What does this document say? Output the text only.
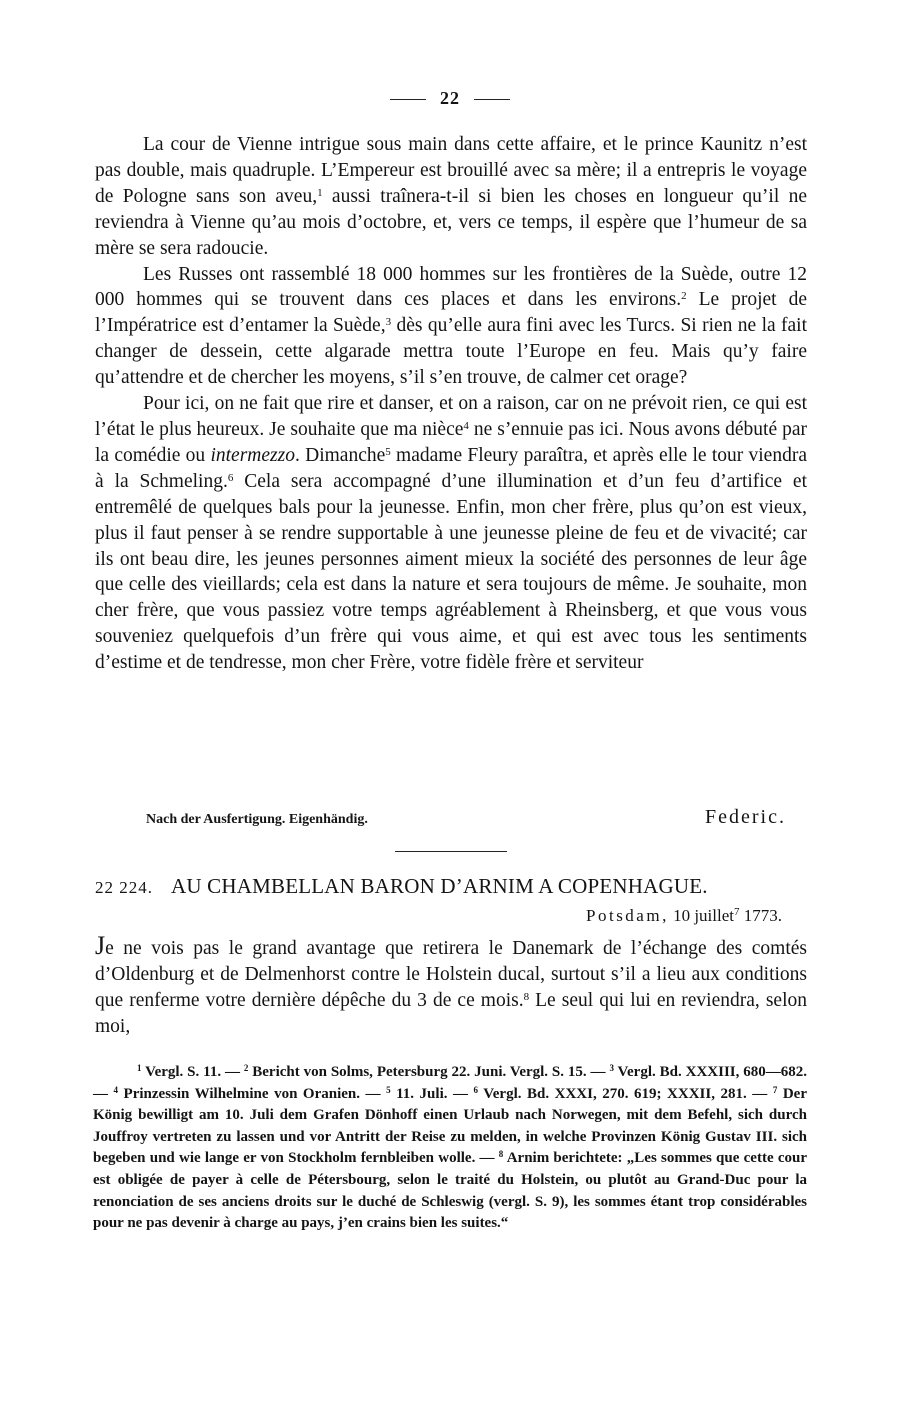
22

La cour de Vienne intrigue sous main dans cette affaire, et le prince Kaunitz n’est pas double, mais quadruple. L’Empereur est brouillé avec sa mère; il a entrepris le voyage de Pologne sans son aveu,$^1$ aussi traînera-t-il si bien les choses en longueur qu’il ne reviendra à Vienne qu’au mois d’octobre, et, vers ce temps, il espère que l’humeur de sa mère se sera radoucie.

Les Russes ont rassemblé 18 000 hommes sur les frontières de la Suède, outre 12 000 hommes qui se trouvent dans ces places et dans les environs.$^2$ Le projet de l’Impératrice est d’entamer la Suède,$^3$ dès qu’elle aura fini avec les Turcs. Si rien ne la fait changer de dessein, cette algarade mettra toute l’Europe en feu. Mais qu’y faire qu’attendre et de chercher les moyens, s’il s’en trouve, de calmer cet orage?

Pour ici, on ne fait que rire et danser, et on a raison, car on ne prévoit rien, ce qui est l’état le plus heureux. Je souhaite que ma nièce$^4$ ne s’ennuie pas ici. Nous avons débuté par la comédie ou intermezzo. Dimanche$^5$ madame Fleury paraîtra, et après elle le tour viendra à la Schmeling.$^6$ Cela sera accompagné d’une illumination et d’un feu d’artifice et entremêlé de quelques bals pour la jeunesse. Enfin, mon cher frère, plus qu’on est vieux, plus il faut penser à se rendre supportable à une jeunesse pleine de feu et de vivacité; car ils ont beau dire, les jeunes personnes aiment mieux la société des personnes de leur âge que celle des vieillards; cela est dans la nature et sera toujours de même. Je souhaite, mon cher frère, que vous passiez votre temps agréablement à Rheinsberg, et que vous vous souveniez quelquefois d’un frère qui vous aime, et qui est avec tous les sentiments d’estime et de tendresse, mon cher Frère, votre fidèle frère et serviteur

Nach der Ausfertigung. Eigenhändig.	Federic.
22 224. AU CHAMBELLAN BARON D’ARNIM A COPENHAGUE.
Potsdam, 10 juillet$^7$ 1773.

Je ne vois pas le grand avantage que retirera le Danemark de l’échange des comtés d’Oldenburg et de Delmenhorst contre le Holstein ducal, surtout s’il a lieu aux conditions que renferme votre dernière dépêche du 3 de ce mois.$^8$ Le seul qui lui en reviendra, selon moi,

$^1$ Vergl. S. 11. — $^2$ Bericht von Solms, Petersburg 22. Juni. Vergl. S. 15. — $^3$ Vergl. Bd. XXXIII, 680—682. — $^4$ Prinzessin Wilhelmine von Oranien. — $^5$ 11. Juli. — $^6$ Vergl. Bd. XXXI, 270. 619; XXXII, 281. — $^7$ Der König bewilligt am 10. Juli dem Grafen Dönhoff einen Urlaub nach Norwegen, mit dem Befehl, sich durch Jouffroy vertreten zu lassen und vor Antritt der Reise zu melden, in welche Provinzen König Gustav III. sich begeben und wie lange er von Stockholm fernbleiben wolle. — $^8$ Arnim berichtete: „Les sommes que cette cour est obligée de payer à celle de Pétersbourg, selon le traité du Holstein, ou plutôt au Grand-Duc pour la renonciation de ses anciens droits sur le duché de Schleswig (vergl. S. 9), les sommes étant trop considérables pour ne pas devenir à charge au pays, j’en crains bien les suites.“
